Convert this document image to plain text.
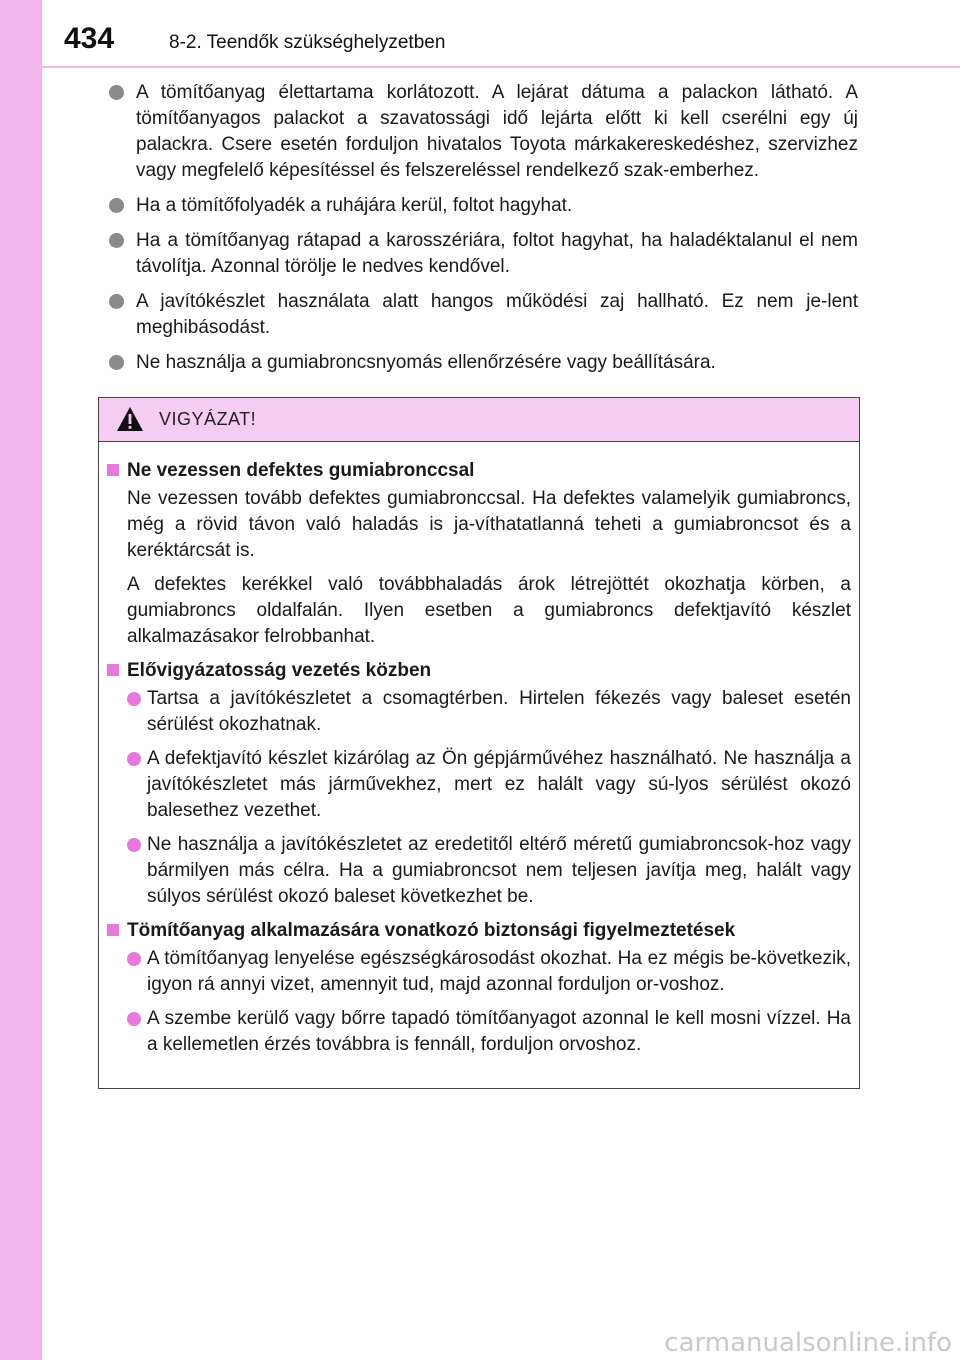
434	8-2. Teendők szükséghelyzetben
A tömítőanyag élettartama korlátozott. A lejárat dátuma a palackon látható. A tömítőanyagos palackot a szavatossági idő lejárta előtt ki kell cserélni egy új palackra. Csere esetén forduljon hivatalos Toyota márkakereskedéshez, szervizhez vagy megfelelő képesítéssel és felszereléssel rendelkező szak-emberhez.
Ha a tömítőfolyadék a ruhájára kerül, foltot hagyhat.
Ha a tömítőanyag rátapad a karosszériára, foltot hagyhat, ha haladéktalanul el nem távolítja. Azonnal törölje le nedves kendővel.
A javítókészlet használata alatt hangos működési zaj hallható. Ez nem je-lent meghibásodást.
Ne használja a gumiabroncsnyomás ellenőrzésére vagy beállítására.
VIGYÁZAT!
Ne vezessen defektes gumiabronccsal
Ne vezessen tovább defektes gumiabronccsal. Ha defektes valamelyik gumiabroncs, még a rövid távon való haladás is ja-víthatatlanná teheti a gumiabroncsot és a keréktárcsát is.
A defektes kerékkel való továbbhaladás árok létrejöttét okozhatja körben, a gumiabroncs oldalfalán. Ilyen esetben a gumiabroncs defektjavító készlet alkalmazásakor felrobbanhat.
Elővigyázatosság vezetés közben
Tartsa a javítókészletet a csomagtérben. Hirtelen fékezés vagy baleset esetén sérülést okozhatnak.
A defektjavító készlet kizárólag az Ön gépjárművéhez használható. Ne használja a javítókészletet más járművekhez, mert ez halált vagy sú-lyos sérülést okozó balesethez vezethet.
Ne használja a javítókészletet az eredetitől eltérő méretű gumiabroncsok-hoz vagy bármilyen más célra. Ha a gumiabroncsot nem teljesen javítja meg, halált vagy súlyos sérülést okozó baleset következhet be.
Tömítőanyag alkalmazására vonatkozó biztonsági figyelmeztetések
A tömítőanyag lenyelése egészségkárosodást okozhat. Ha ez mégis be-következik, igyon rá annyi vizet, amennyit tud, majd azonnal forduljon or-voshoz.
A szembe kerülő vagy bőrre tapadó tömítőanyagot azonnal le kell mosni vízzel. Ha a kellemetlen érzés továbbra is fennáll, forduljon orvoshoz.
carmanualsonline.info
